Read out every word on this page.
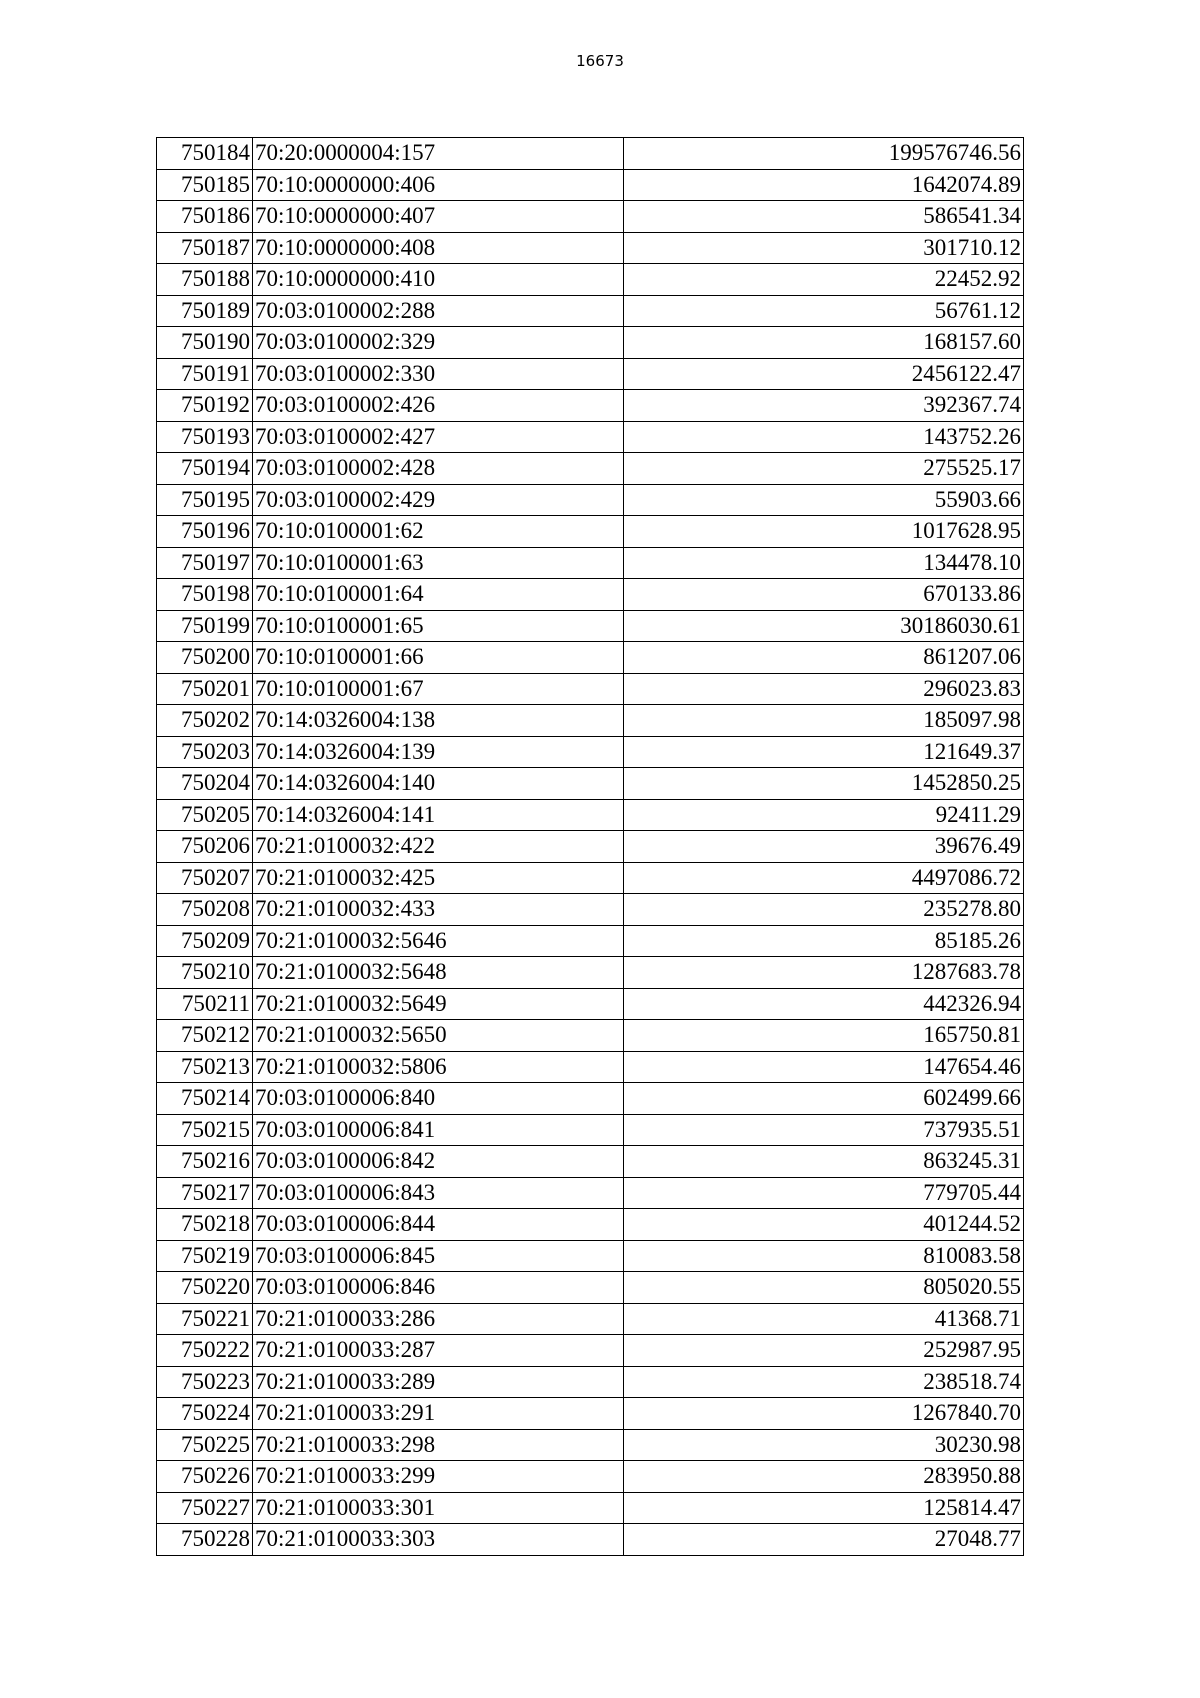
16673
750184	70:20:0000004:157	199576746.56
750185	70:10:0000000:406	1642074.89
750186	70:10:0000000:407	586541.34
750187	70:10:0000000:408	301710.12
750188	70:10:0000000:410	22452.92
750189	70:03:0100002:288	56761.12
750190	70:03:0100002:329	168157.60
750191	70:03:0100002:330	2456122.47
750192	70:03:0100002:426	392367.74
750193	70:03:0100002:427	143752.26
750194	70:03:0100002:428	275525.17
750195	70:03:0100002:429	55903.66
750196	70:10:0100001:62	1017628.95
750197	70:10:0100001:63	134478.10
750198	70:10:0100001:64	670133.86
750199	70:10:0100001:65	30186030.61
750200	70:10:0100001:66	861207.06
750201	70:10:0100001:67	296023.83
750202	70:14:0326004:138	185097.98
750203	70:14:0326004:139	121649.37
750204	70:14:0326004:140	1452850.25
750205	70:14:0326004:141	92411.29
750206	70:21:0100032:422	39676.49
750207	70:21:0100032:425	4497086.72
750208	70:21:0100032:433	235278.80
750209	70:21:0100032:5646	85185.26
750210	70:21:0100032:5648	1287683.78
750211	70:21:0100032:5649	442326.94
750212	70:21:0100032:5650	165750.81
750213	70:21:0100032:5806	147654.46
750214	70:03:0100006:840	602499.66
750215	70:03:0100006:841	737935.51
750216	70:03:0100006:842	863245.31
750217	70:03:0100006:843	779705.44
750218	70:03:0100006:844	401244.52
750219	70:03:0100006:845	810083.58
750220	70:03:0100006:846	805020.55
750221	70:21:0100033:286	41368.71
750222	70:21:0100033:287	252987.95
750223	70:21:0100033:289	238518.74
750224	70:21:0100033:291	1267840.70
750225	70:21:0100033:298	30230.98
750226	70:21:0100033:299	283950.88
750227	70:21:0100033:301	125814.47
750228	70:21:0100033:303	27048.77
